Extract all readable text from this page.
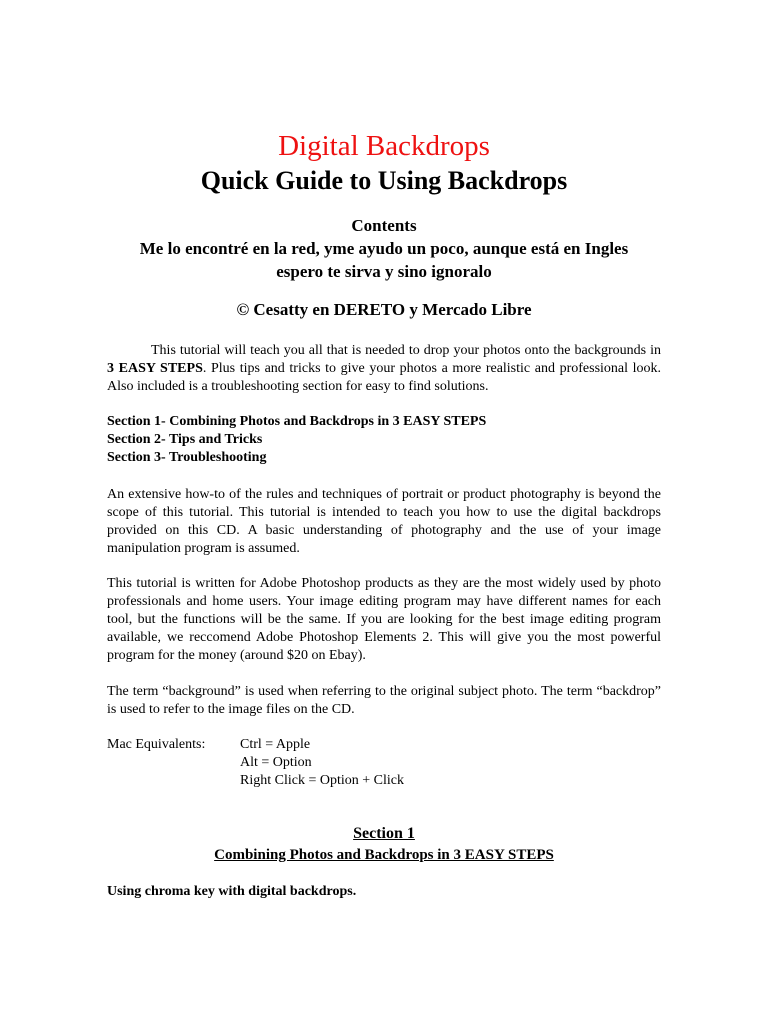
Digital Backdrops
Quick Guide to Using Backdrops
Contents
Me lo encontré en la red, yme ayudo un poco, aunque está en Ingles
espero te sirva y sino ignoralo
© Cesatty en DERETO y Mercado Libre
This tutorial will teach you all that is needed to drop your photos onto the backgrounds in 3 EASY STEPS. Plus tips and tricks to give your photos a more realistic and professional look. Also included is a troubleshooting section for easy to find solutions.
Section 1- Combining Photos and Backdrops in 3 EASY STEPS
Section 2- Tips and Tricks
Section 3- Troubleshooting
An extensive how-to of the rules and techniques of portrait or product photography is beyond the scope of this tutorial. This tutorial is intended to teach you how to use the digital backdrops provided on this CD. A basic understanding of photography and the use of your image manipulation program is assumed.
This tutorial is written for Adobe Photoshop products as they are the most widely used by photo professionals and home users. Your image editing program may have different names for each tool, but the functions will be the same. If you are looking for the best image editing program available, we reccomend Adobe Photoshop Elements 2. This will give you the most powerful program for the money (around $20 on Ebay).
The term “background” is used when referring to the original subject photo. The term “backdrop” is used to refer to the image files on the CD.
Mac Equivalents: Ctrl = Apple
Alt = Option
Right Click = Option + Click
Section 1
Combining Photos and Backdrops in 3 EASY STEPS
Using chroma key with digital backdrops.
